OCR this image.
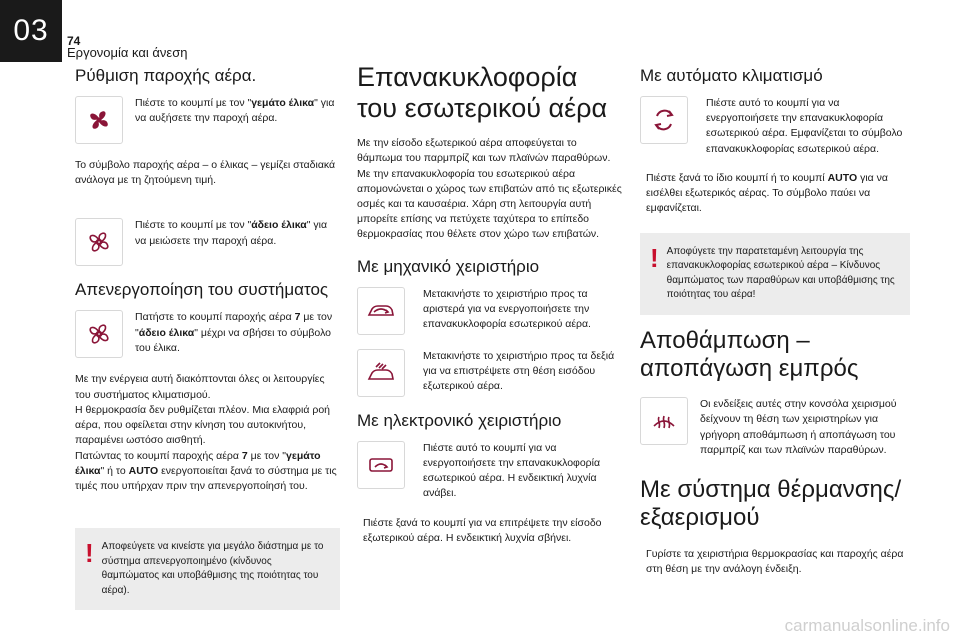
03 74
Εργονομία και άνεση
Ρύθμιση παροχής αέρα.

Πιέστε το κουμπί με τον "γεμάτο έλικα" για να αυξήσετε την παροχή αέρα.

Το σύμβολο παροχής αέρα – ο έλικας – γεμίζει σταδιακά ανάλογα με τη ζητούμενη τιμή.

Πιέστε το κουμπί με τον "άδειο έλικα" για να μειώσετε την παροχή αέρα.

Απενεργοποίηση του συστήματος

Πατήστε το κουμπί παροχής αέρα 7 με τον "άδειο έλικα" μέχρι να σβήσει το σύμβολο του έλικα.

Με την ενέργεια αυτή διακόπτονται όλες οι λειτουργίες του συστήματος κλιματισμού.

Η θερμοκρασία δεν ρυθμίζεται πλέον. Μια ελαφριά ροή αέρα, που οφείλεται στην κίνηση του αυτοκινήτου, παραμένει ωστόσο αισθητή.

Πατώντας το κουμπί παροχής αέρα 7 με τον "γεμάτο έλικα" ή το AUTO ενεργοποιείται ξανά το σύστημα με τις τιμές που υπήρχαν πριν την απενεργοποίησή του.

! Αποφεύγετε να κινείστε για μεγάλο διάστημα με το σύστημα απενεργοποιημένο (κίνδυνος θαμπώματος και υποβάθμισης της ποιότητας του αέρα).

Επανακυκλοφορία του εσωτερικού αέρα

Με την είσοδο εξωτερικού αέρα αποφεύγεται το θάμπωμα του παρμπρίζ και των πλαϊνών παραθύρων. Με την επανακυκλοφορία του εσωτερικού αέρα απομονώνεται ο χώρος των επιβατών από τις εξωτερικές οσμές και τα καυσαέρια. Χάρη στη λειτουργία αυτή μπορείτε επίσης να πετύχετε ταχύτερα το επίπεδο θερμοκρασίας που θέλετε στον χώρο των επιβατών.

Με μηχανικό χειριστήριο

Μετακινήστε το χειριστήριο προς τα αριστερά για να ενεργοποιήσετε την επανακυκλοφορία εσωτερικού αέρα.

Μετακινήστε το χειριστήριο προς τα δεξιά για να επιστρέψετε στη θέση εισόδου εξωτερικού αέρα.

Με ηλεκτρονικό χειριστήριο

Πιέστε αυτό το κουμπί για να ενεργοποιήσετε την επανακυκλοφορία εσωτερικού αέρα. Η ενδεικτική λυχνία ανάβει.

Πιέστε ξανά το κουμπί για να επιτρέψετε την είσοδο εξωτερικού αέρα. Η ενδεικτική λυχνία σβήνει.

Με αυτόματο κλιματισμό

Πιέστε αυτό το κουμπί για να ενεργοποιήσετε την επανακυκλοφορία εσωτερικού αέρα. Εμφανίζεται το σύμβολο επανακυκλοφορίας εσωτερικού αέρα.

Πιέστε ξανά το ίδιο κουμπί ή το κουμπί AUTO για να εισέλθει εξωτερικός αέρας. Το σύμβολο παύει να εμφανίζεται.

! Αποφύγετε την παρατεταμένη λειτουργία της επανακυκλοφορίας εσωτερικού αέρα – Κίνδυνος θαμπώματος των παραθύρων και υποβάθμισης της ποιότητας του αέρα!

Αποθάμπωση – αποπάγωση εμπρός

Οι ενδείξεις αυτές στην κονσόλα χειρισμού δείχνουν τη θέση των χειριστηρίων για γρήγορη αποθάμπωση ή αποπάγωση του παρμπρίζ και των πλαϊνών παραθύρων.

Με σύστημα θέρμανσης/ εξαερισμού

Γυρίστε τα χειριστήρια θερμοκρασίας και παροχής αέρα στη θέση με την ανάλογη ένδειξη.

carmanualsonline.info
